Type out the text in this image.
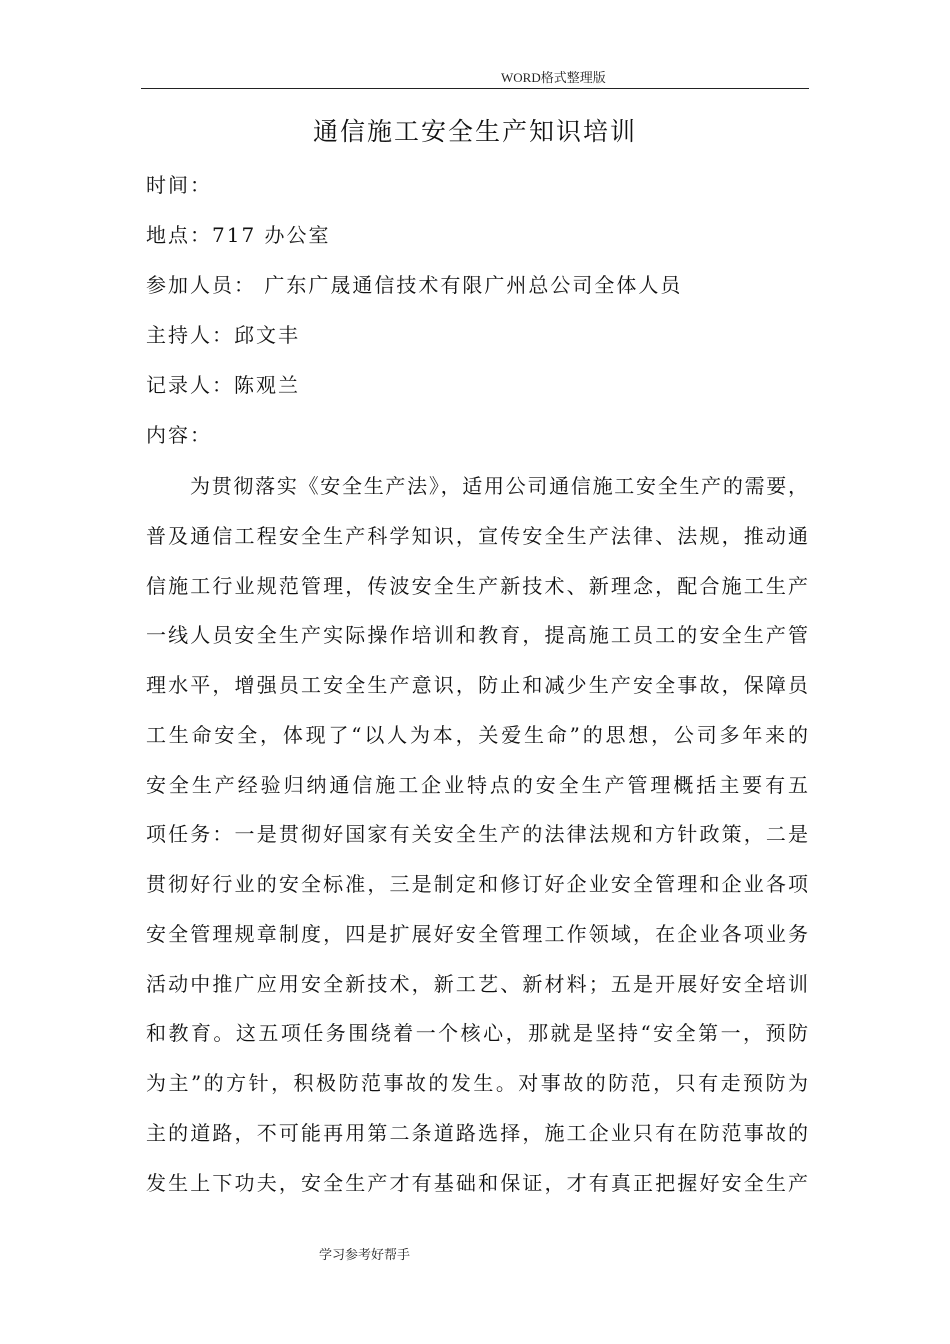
WORD格式整理版
通信施工安全生产知识培训
时间：
地点：717 办公室
参加人员： 广东广晟通信技术有限广州总公司全体人员
主持人：邱文丰
记录人：陈观兰
内容：
为贯彻落实《安全生产法》，适用公司通信施工安全生产的需要，
普及通信工程安全生产科学知识，宣传安全生产法律、法规，推动通
信施工行业规范管理，传波安全生产新技术、新理念，配合施工生产
一线人员安全生产实际操作培训和教育，提高施工员工的安全生产管
理水平，增强员工安全生产意识，防止和减少生产安全事故，保障员
工生命安全，体现了“以人为本，关爱生命”的思想，公司多年来的
安全生产经验归纳通信施工企业特点的安全生产管理概括主要有五
项任务：一是贯彻好国家有关安全生产的法律法规和方针政策，二是
贯彻好行业的安全标准，三是制定和修订好企业安全管理和企业各项
安全管理规章制度，四是扩展好安全管理工作领域，在企业各项业务
活动中推广应用安全新技术，新工艺、新材料；五是开展好安全培训
和教育。这五项任务围绕着一个核心，那就是坚持“安全第一，预防
为主”的方针，积极防范事故的发生。对事故的防范，只有走预防为
主的道路，不可能再用第二条道路选择，施工企业只有在防范事故的
发生上下功夫，安全生产才有基础和保证，才有真正把握好安全生产
学习参考好帮手
